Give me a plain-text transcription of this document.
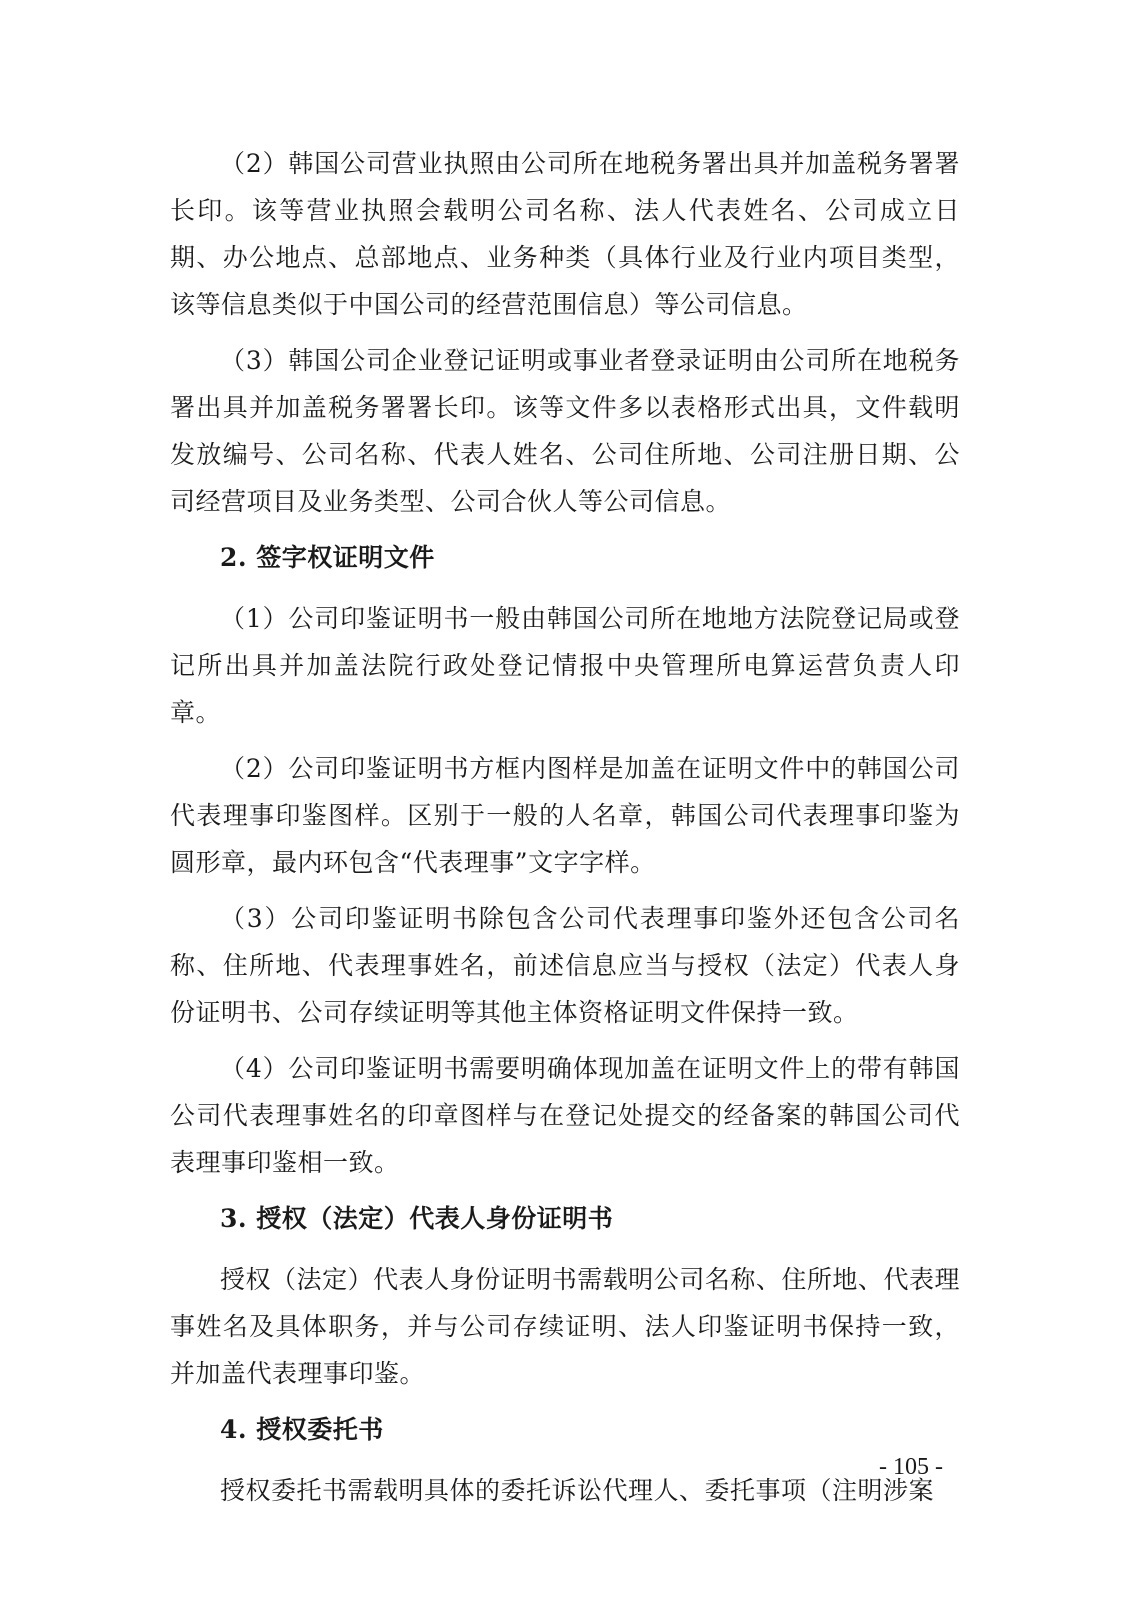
（2）韩国公司营业执照由公司所在地税务署出具并加盖税务署署长印。该等营业执照会载明公司名称、法人代表姓名、公司成立日期、办公地点、总部地点、业务种类（具体行业及行业内项目类型，该等信息类似于中国公司的经营范围信息）等公司信息。

（3）韩国公司企业登记证明或事业者登录证明由公司所在地税务署出具并加盖税务署署长印。该等文件多以表格形式出具，文件载明发放编号、公司名称、代表人姓名、公司住所地、公司注册日期、公司经营项目及业务类型、公司合伙人等公司信息。

2. 签字权证明文件

（1）公司印鉴证明书一般由韩国公司所在地地方法院登记局或登记所出具并加盖法院行政处登记情报中央管理所电算运营负责人印章。

（2）公司印鉴证明书方框内图样是加盖在证明文件中的韩国公司代表理事印鉴图样。区别于一般的人名章，韩国公司代表理事印鉴为圆形章，最内环包含“代表理事”文字字样。

（3）公司印鉴证明书除包含公司代表理事印鉴外还包含公司名称、住所地、代表理事姓名，前述信息应当与授权（法定）代表人身份证明书、公司存续证明等其他主体资格证明文件保持一致。

（4）公司印鉴证明书需要明确体现加盖在证明文件上的带有韩国公司代表理事姓名的印章图样与在登记处提交的经备案的韩国公司代表理事印鉴相一致。

3. 授权（法定）代表人身份证明书

授权（法定）代表人身份证明书需载明公司名称、住所地、代表理事姓名及具体职务，并与公司存续证明、法人印鉴证明书保持一致，并加盖代表理事印鉴。

4. 授权委托书

授权委托书需载明具体的委托诉讼代理人、委托事项（注明涉案

- 105 -
